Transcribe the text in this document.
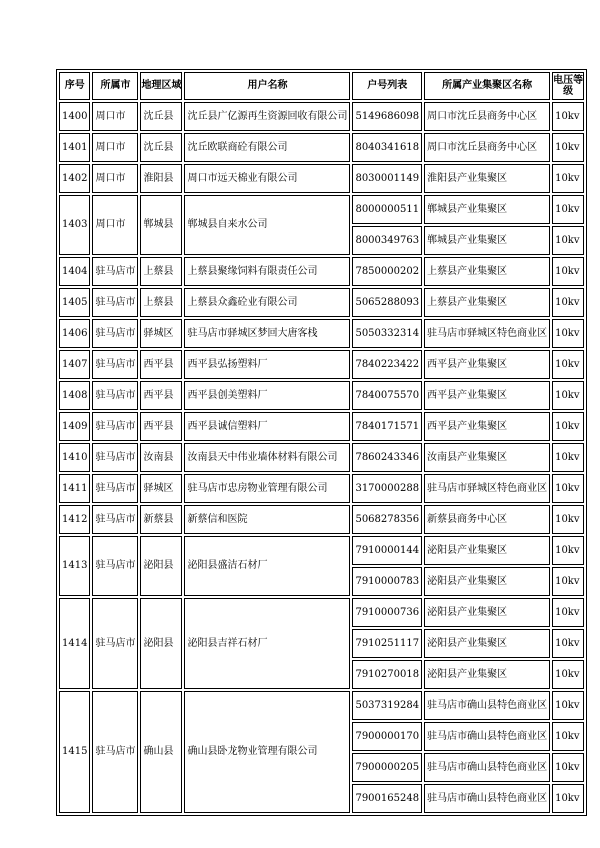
序号	所属市	地理区域	用户名称	户号列表	所属产业集聚区名称	电压等级
1400	周口市	沈丘县	沈丘县广亿源再生资源回收有限公司	5149686098	周口市沈丘县商务中心区	10kv
1401	周口市	沈丘县	沈丘欧联商砼有限公司	8040341618	周口市沈丘县商务中心区	10kv
1402	周口市	淮阳县	周口市远天棉业有限公司	8030001149	淮阳县产业集聚区	10kv
1403	周口市	郸城县	郸城县自来水公司	8000000511	郸城县产业集聚区	10kv
				8000349763	郸城县产业集聚区	10kv
1404	驻马店市	上蔡县	上蔡县聚缘饲料有限责任公司	7850000202	上蔡县产业集聚区	10kv
1405	驻马店市	上蔡县	上蔡县众鑫砼业有限公司	5065288093	上蔡县产业集聚区	10kv
1406	驻马店市	驿城区	驻马店市驿城区梦回大唐客栈	5050332314	驻马店市驿城区特色商业区	10kv
1407	驻马店市	西平县	西平县弘扬塑料厂	7840223422	西平县产业集聚区	10kv
1408	驻马店市	西平县	西平县创美塑料厂	7840075570	西平县产业集聚区	10kv
1409	驻马店市	西平县	西平县诚信塑料厂	7840171571	西平县产业集聚区	10kv
1410	驻马店市	汝南县	汝南县天中伟业墙体材料有限公司	7860243346	汝南县产业集聚区	10kv
1411	驻马店市	驿城区	驻马店市忠房物业管理有限公司	3170000288	驻马店市驿城区特色商业区	10kv
1412	驻马店市	新蔡县	新蔡信和医院	5068278356	新蔡县商务中心区	10kv
1413	驻马店市	泌阳县	泌阳县盛洁石材厂	7910000144	泌阳县产业集聚区	10kv
				7910000783	泌阳县产业集聚区	10kv
1414	驻马店市	泌阳县	泌阳县吉祥石材厂	7910000736	泌阳县产业集聚区	10kv
				7910251117	泌阳县产业集聚区	10kv
				7910270018	泌阳县产业集聚区	10kv
1415	驻马店市	确山县	确山县卧龙物业管理有限公司	5037319284	驻马店市确山县特色商业区	10kv
				7900000170	驻马店市确山县特色商业区	10kv
				7900000205	驻马店市确山县特色商业区	10kv
				7900165248	驻马店市确山县特色商业区	10kv
